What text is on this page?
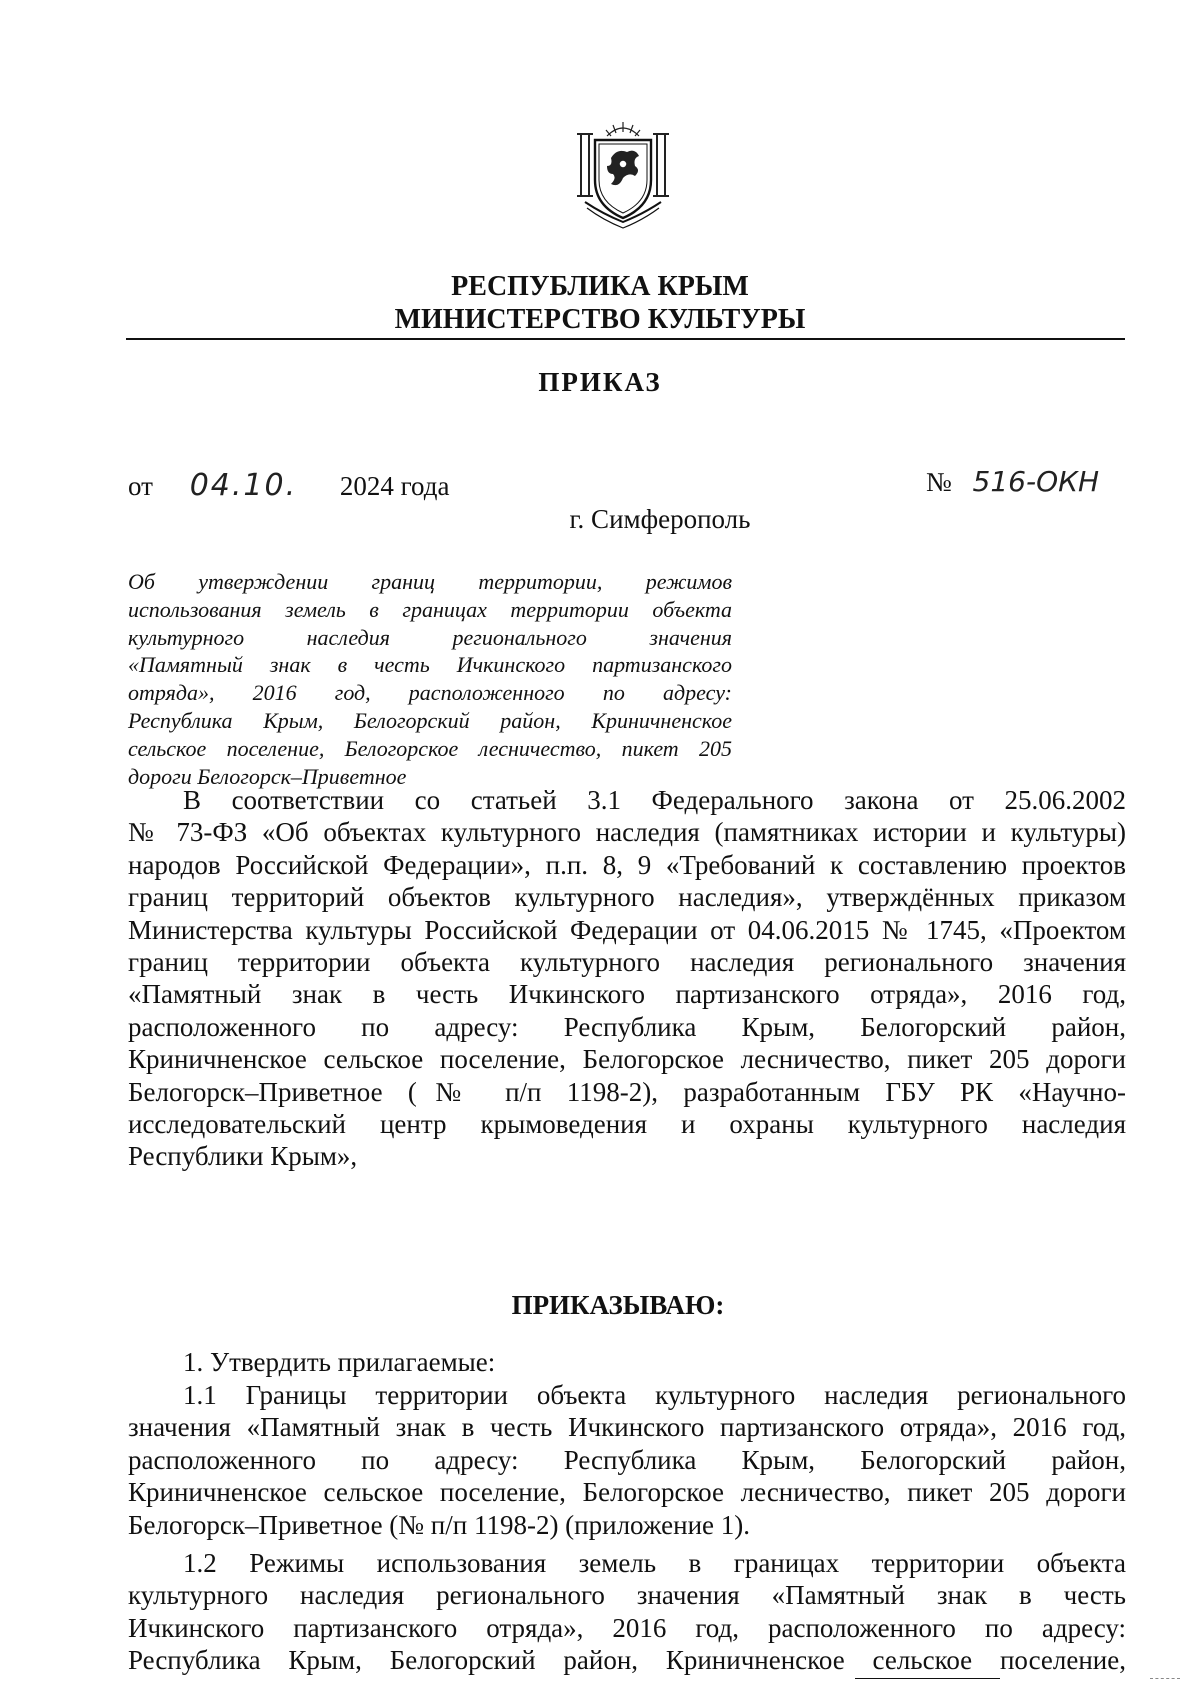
РЕСПУБЛИКА КРЫМ
МИНИСТЕРСТВО КУЛЬТУРЫ
ПРИКАЗ
от 04.10. 2024 года	№ 516-ОКН
г. Симферополь
Об утверждении границ территории, режимов
использования земель в границах территории объекта
культурного наследия регионального значения
«Памятный знак в честь Ичкинского партизанского
отряда», 2016 год, расположенного по адресу:
Республика Крым, Белогорский район, Криничненское
сельское поселение, Белогорское лесничество, пикет 205
дороги Белогорск–Приветное
В соответствии со статьей 3.1 Федерального закона от 25.06.2002
№ 73-ФЗ «Об объектах культурного наследия (памятниках истории и культуры)
народов Российской Федерации», п.п. 8, 9 «Требований к составлению проектов
границ территорий объектов культурного наследия», утверждённых приказом
Министерства культуры Российской Федерации от 04.06.2015 № 1745, «Проектом
границ территории объекта культурного наследия регионального значения
«Памятный знак в честь Ичкинского партизанского отряда», 2016 год,
расположенного по адресу: Республика Крым, Белогорский район,
Криничненское сельское поселение, Белогорское лесничество, пикет 205 дороги
Белогорск–Приветное (№ п/п 1198-2), разработанным ГБУ РК «Научно-
исследовательский центр крымоведения и охраны культурного наследия
Республики Крым»,
ПРИКАЗЫВАЮ:
1. Утвердить прилагаемые:
1.1 Границы территории объекта культурного наследия регионального
значения «Памятный знак в честь Ичкинского партизанского отряда», 2016 год,
расположенного по адресу: Республика Крым, Белогорский район,
Криничненское сельское поселение, Белогорское лесничество, пикет 205 дороги
Белогорск–Приветное (№ п/п 1198-2) (приложение 1).
1.2 Режимы использования земель в границах территории объекта
культурного наследия регионального значения «Памятный знак в честь
Ичкинского партизанского отряда», 2016 год, расположенного по адресу:
Республика Крым, Белогорский район, Криничненское сельское поселение,
